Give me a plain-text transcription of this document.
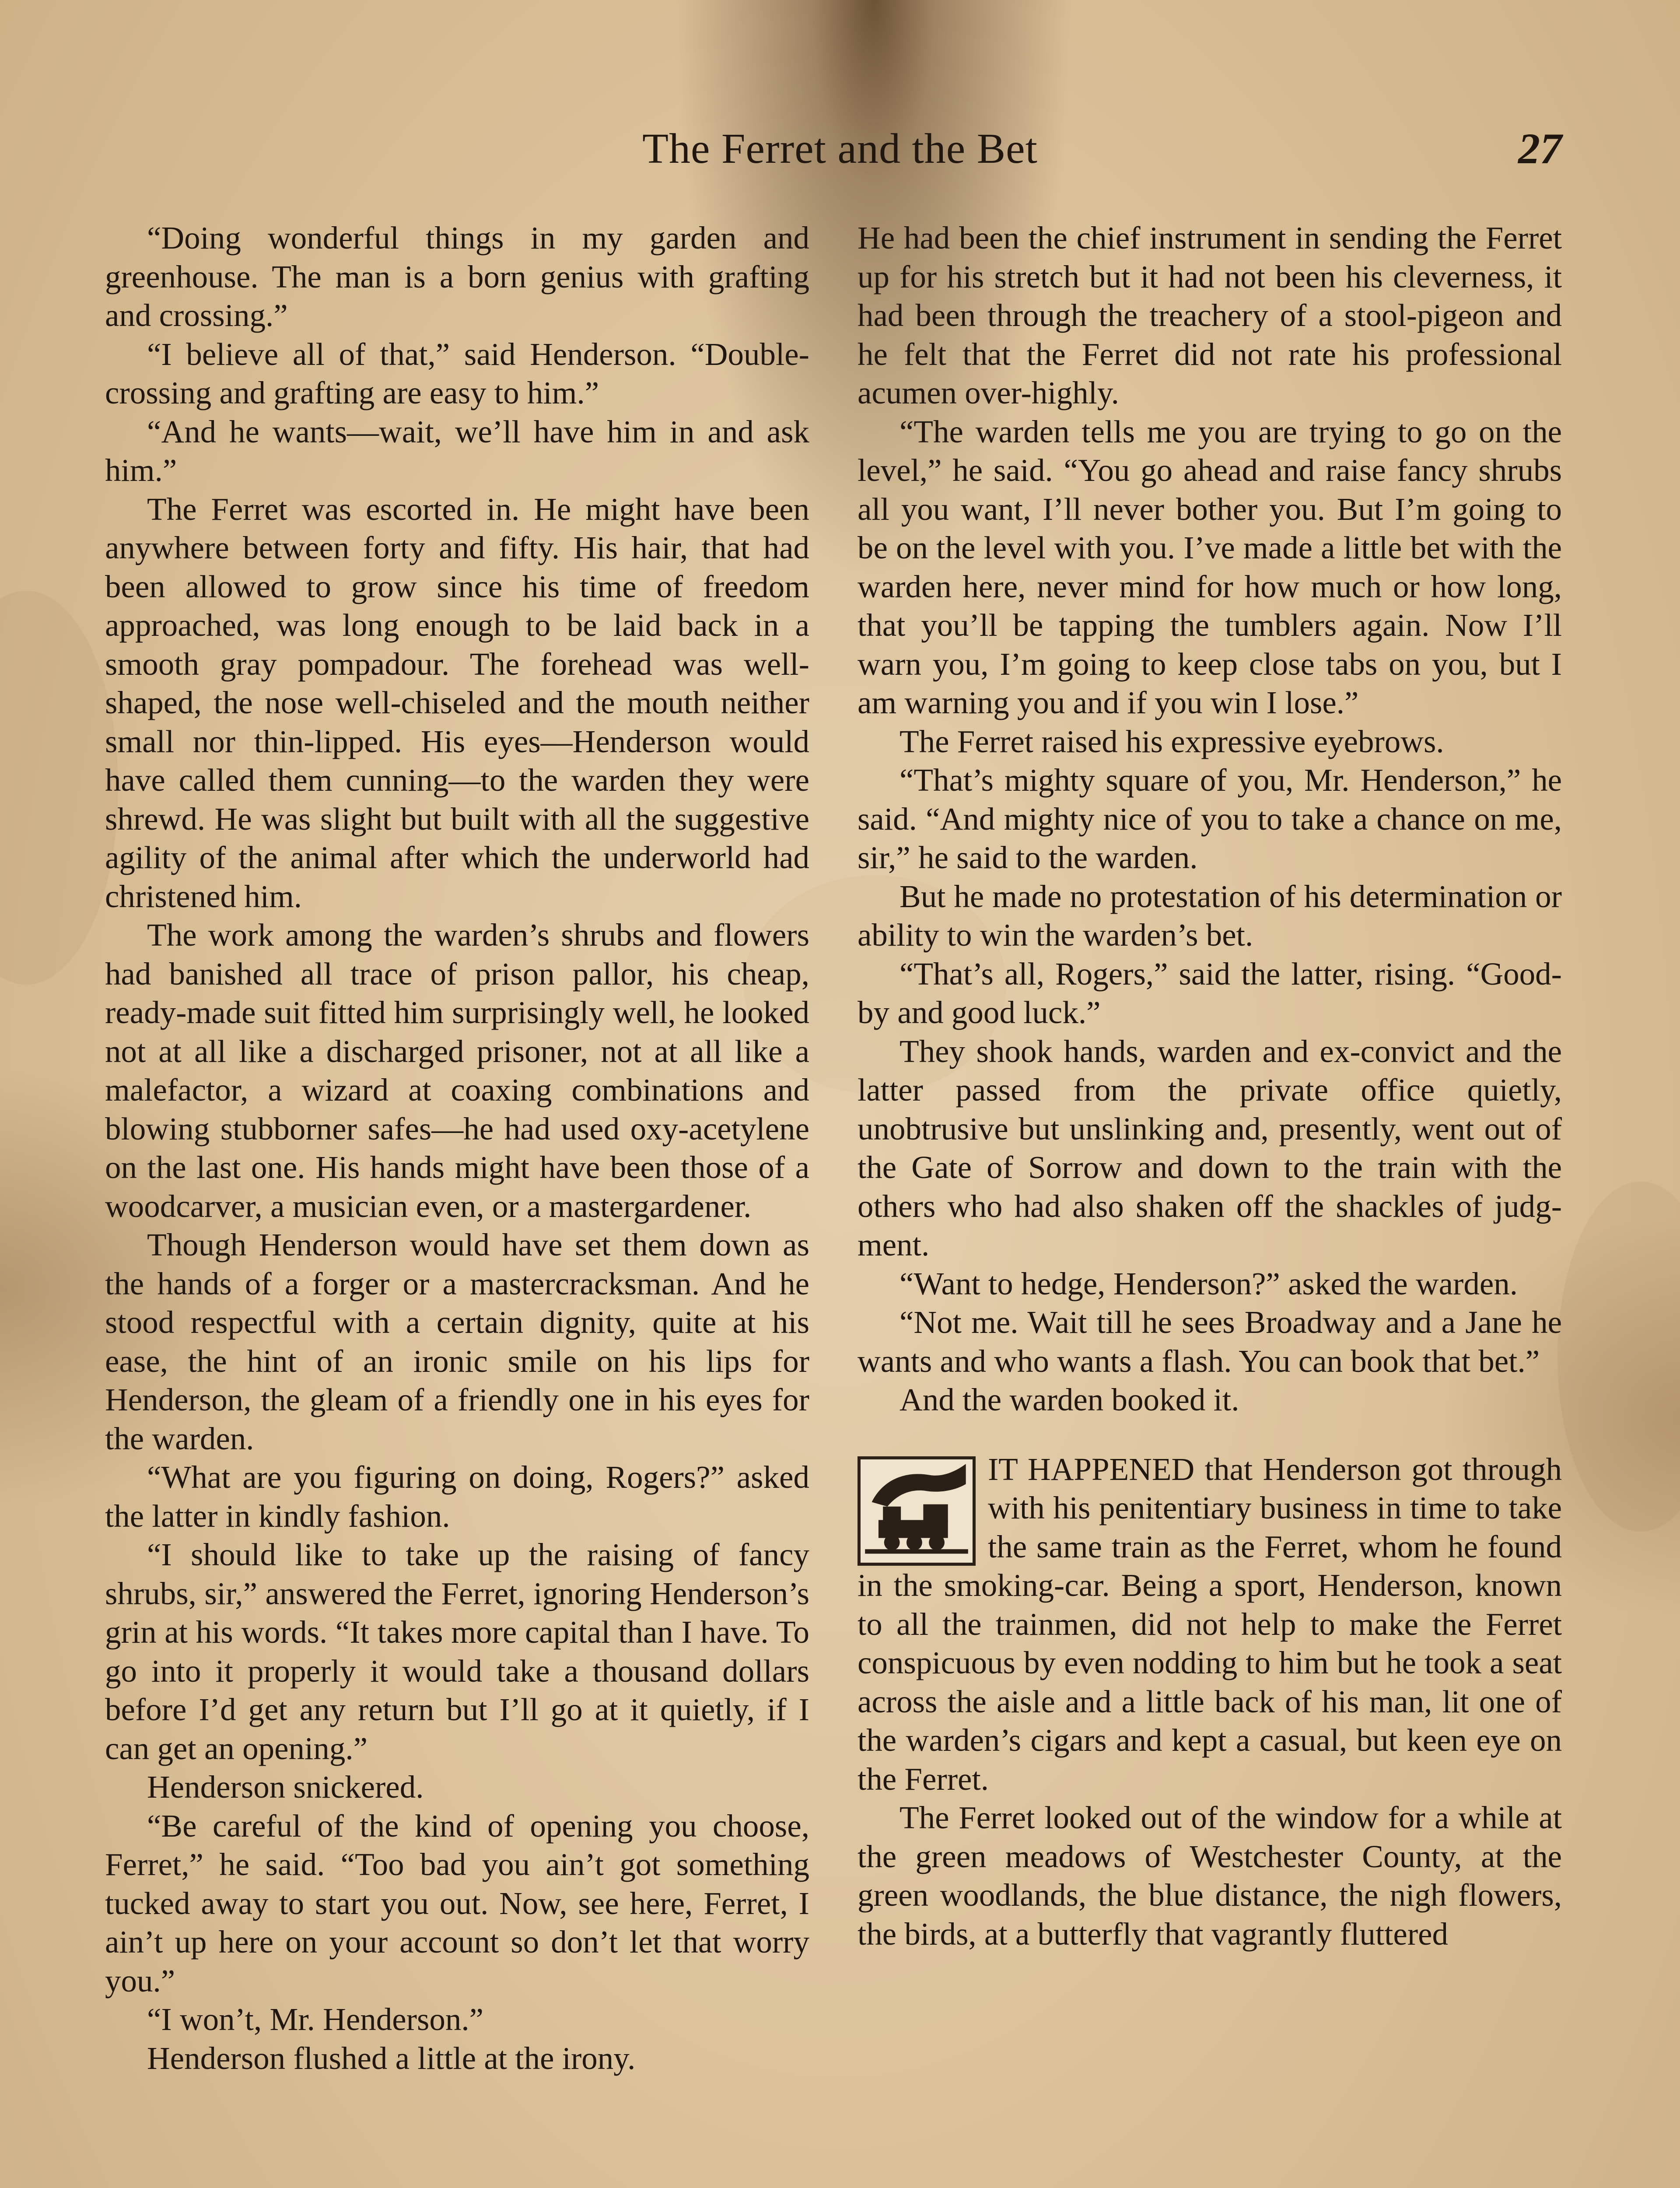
The Ferret and the Bet	27

“Doing wonderful things in my garden and greenhouse. The man is a born genius with grafting and crossing.”

“I believe all of that,” said Henderson. “Double-crossing and grafting are easy to him.”

“And he wants—wait, we’ll have him in and ask him.”

The Ferret was escorted in. He might have been anywhere between forty and fifty. His hair, that had been allowed to grow since his time of freedom approached, was long enough to be laid back in a smooth gray pompadour. The forehead was well-shaped, the nose well-chiseled and the mouth neither small nor thin-lipped. His eyes—Henderson would have called them cunning—to the warden they were shrewd. He was slight but built with all the suggestive agility of the animal after which the underworld had christened him.

The work among the warden’s shrubs and flowers had banished all trace of prison pallor, his cheap, ready-made suit fitted him surprisingly well, he looked not at all like a discharged prisoner, not at all like a malefactor, a wizard at coaxing combinations and blowing stubborner safes—he had used oxy-acetylene on the last one. His hands might have been those of a woodcarver, a musician even, or a mastergardener.

Though Henderson would have set them down as the hands of a forger or a mastercracksman. And he stood respectful with a certain dignity, quite at his ease, the hint of an ironic smile on his lips for Henderson, the gleam of a friendly one in his eyes for the warden.

“What are you figuring on doing, Rogers?” asked the latter in kindly fashion.

“I should like to take up the raising of fancy shrubs, sir,” answered the Ferret, ignoring Henderson’s grin at his words. “It takes more capital than I have. To go into it properly it would take a thousand dollars before I’d get any return but I’ll go at it quietly, if I can get an opening.”

Henderson snickered.

“Be careful of the kind of opening you choose, Ferret,” he said. “Too bad you ain’t got something tucked away to start you out. Now, see here, Ferret, I ain’t up here on your account so don’t let that worry you.”

“I won’t, Mr. Henderson.”

Henderson flushed a little at the irony.

He had been the chief instrument in sending the Ferret up for his stretch but it had not been his cleverness, it had been through the treachery of a stool-pigeon and he felt that the Ferret did not rate his professional acumen over-highly.

“The warden tells me you are trying to go on the level,” he said. “You go ahead and raise fancy shrubs all you want, I’ll never bother you. But I’m going to be on the level with you. I’ve made a little bet with the warden here, never mind for how much or how long, that you’ll be tapping the tumblers again. Now I’ll warn you, I’m going to keep close tabs on you, but I am warning you and if you win I lose.”

The Ferret raised his expressive eyebrows.

“That’s mighty square of you, Mr. Henderson,” he said. “And mighty nice of you to take a chance on me, sir,” he said to the warden.

But he made no protestation of his determination or ability to win the warden’s bet.

“That’s all, Rogers,” said the latter, rising. “Good-by and good luck.”

They shook hands, warden and ex-convict and the latter passed from the private office quietly, unobtrusive but unslinking and, presently, went out of the Gate of Sorrow and down to the train with the others who had also shaken off the shackles of judgment.

“Want to hedge, Henderson?” asked the warden.

“Not me. Wait till he sees Broadway and a Jane he wants and who wants a flash. You can book that bet.”

And the warden booked it.

IT HAPPENED that Henderson got through with his penitentiary business in time to take the same train as the Ferret, whom he found in the smoking-car. Being a sport, Henderson, known to all the trainmen, did not help to make the Ferret conspicuous by even nodding to him but he took a seat across the aisle and a little back of his man, lit one of the warden’s cigars and kept a casual, but keen eye on the Ferret.

The Ferret looked out of the window for a while at the green meadows of Westchester County, at the green woodlands, the blue distance, the nigh flowers, the birds, at a butterfly that vagrantly fluttered
